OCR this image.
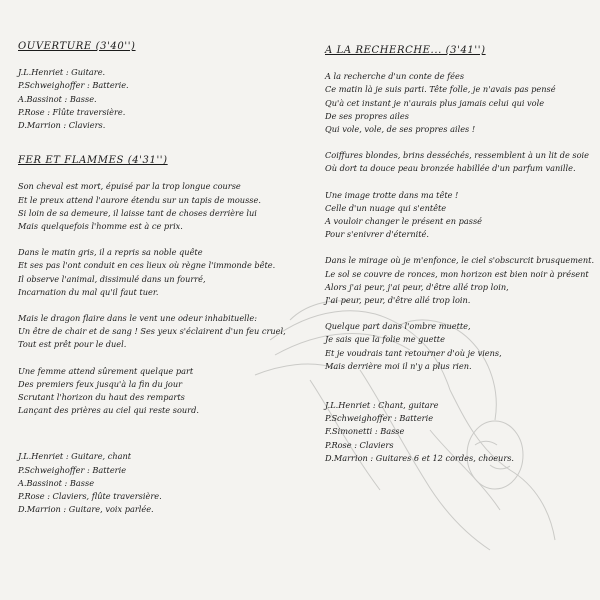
OUVERTURE (3'40'')
J.L.Henriet : Guitare.
P.Schweighoffer : Batterie.
A.Bassinot : Basse.
P.Rose : Flûte traversière.
D.Marrion : Claviers.
FER ET FLAMMES (4'31'')
Son cheval est mort, épuisé par la trop longue course
Et le preux attend l'aurore étendu sur un tapis de mousse.
Si loin de sa demeure, il laisse tant de choses derrière lui
Mais quelquefois l'homme est à ce prix.
Dans le matin gris, il a repris sa noble quête
Et ses pas l'ont conduit en ces lieux où règne l'immonde bête.
Il observe l'animal, dissimulé dans un fourré,
Incarnation du mal qu'il faut tuer.
Mais le dragon flaire dans le vent une odeur inhabituelle:
Un être de chair et de sang ! Ses yeux s'éclairent d'un feu cruel,
Tout est prêt pour le duel.
Une femme attend sûrement quelque part
Des premiers feux jusqu'à la fin du jour
Scrutant l'horizon du haut des remparts
Lançant des prières au ciel qui reste sourd.
J.L.Henriet : Guitare, chant
P.Schweighoffer : Batterie
A.Bassinot : Basse
P.Rose : Claviers, flûte traversière.
D.Marrion : Guitare, voix parlée.
A LA RECHERCHE... (3'41'')
A la recherche d'un conte de fées
Ce matin là je suis parti. Tête folle, je n'avais pas pensé
Qu'à cet instant je n'aurais plus jamais celui qui vole
De ses propres ailes
Qui vole, vole, de ses propres ailes !
Coiffures blondes, brins desséchés, ressemblent à un lit de soie
Où dort ta douce peau bronzée habillée d'un parfum vanille.
Une image trotte dans ma tête !
Celle d'un nuage qui s'entête
A vouloir changer le présent en passé
Pour s'enivrer d'éternité.
Dans le mirage où je m'enfonce, le ciel s'obscurcit brusquement.
Le sol se couvre de ronces, mon horizon est bien noir à présent
Alors j'ai peur, j'ai peur, d'être allé trop loin,
J'ai peur, peur, d'être allé trop loin.
Quelque part dans l'ombre muette,
Je sais que la folie me guette
Et je voudrais tant retourner d'où je viens,
Mais derrière moi il n'y a plus rien.
J.L.Henriet : Chant, guitare
P.Schweighoffer : Batterie
F.Simonetti : Basse
P.Rose : Claviers
D.Marrion : Guitares 6 et 12 cordes, choeurs.
